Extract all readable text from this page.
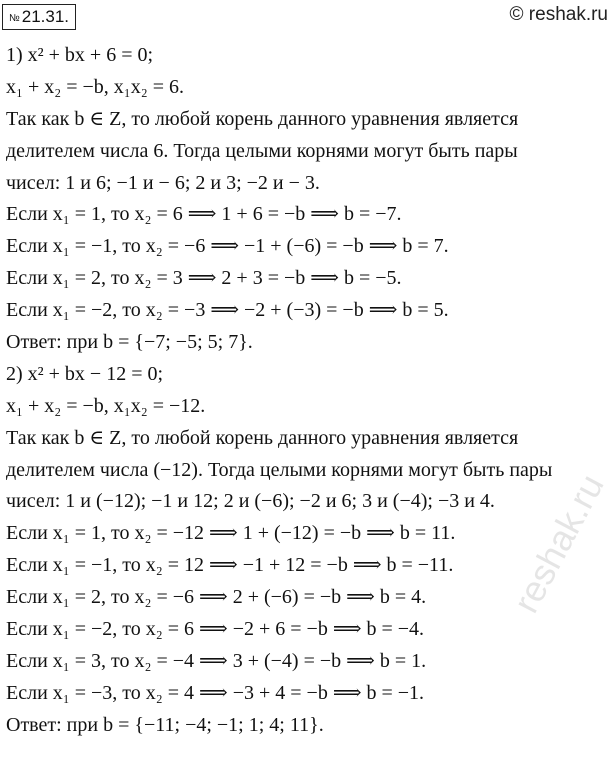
№ 21.31.	© reshak.ru
1) x² + bx + 6 = 0;
x₁ + x₂ = −b, x₁x₂ = 6.
Так как b ∈ Z, то любой корень данного уравнения является
делителем числа 6. Тогда целыми корнями могут быть пары
чисел: 1 и 6; −1 и − 6; 2 и 3; −2 и − 3.
Если x₁ = 1, то x₂ = 6 ⟹ 1 + 6 = −b ⟹ b = −7.
Если x₁ = −1, то x₂ = −6 ⟹ −1 + (−6) = −b ⟹ b = 7.
Если x₁ = 2, то x₂ = 3 ⟹ 2 + 3 = −b ⟹ b = −5.
Если x₁ = −2, то x₂ = −3 ⟹ −2 + (−3) = −b ⟹ b = 5.
Ответ: при b = {−7; −5; 5; 7}.
2) x² + bx − 12 = 0;
x₁ + x₂ = −b, x₁x₂ = −12.
Так как b ∈ Z, то любой корень данного уравнения является
делителем числа (−12). Тогда целыми корнями могут быть пары
чисел: 1 и (−12); −1 и 12; 2 и (−6); −2 и 6; 3 и (−4); −3 и 4.
Если x₁ = 1, то x₂ = −12 ⟹ 1 + (−12) = −b ⟹ b = 11.
Если x₁ = −1, то x₂ = 12 ⟹ −1 + 12 = −b ⟹ b = −11.
Если x₁ = 2, то x₂ = −6 ⟹ 2 + (−6) = −b ⟹ b = 4.
Если x₁ = −2, то x₂ = 6 ⟹ −2 + 6 = −b ⟹ b = −4.
Если x₁ = 3, то x₂ = −4 ⟹ 3 + (−4) = −b ⟹ b = 1.
Если x₁ = −3, то x₂ = 4 ⟹ −3 + 4 = −b ⟹ b = −1.
Ответ: при b = {−11; −4; −1; 1; 4; 11}.
reshak.ru
